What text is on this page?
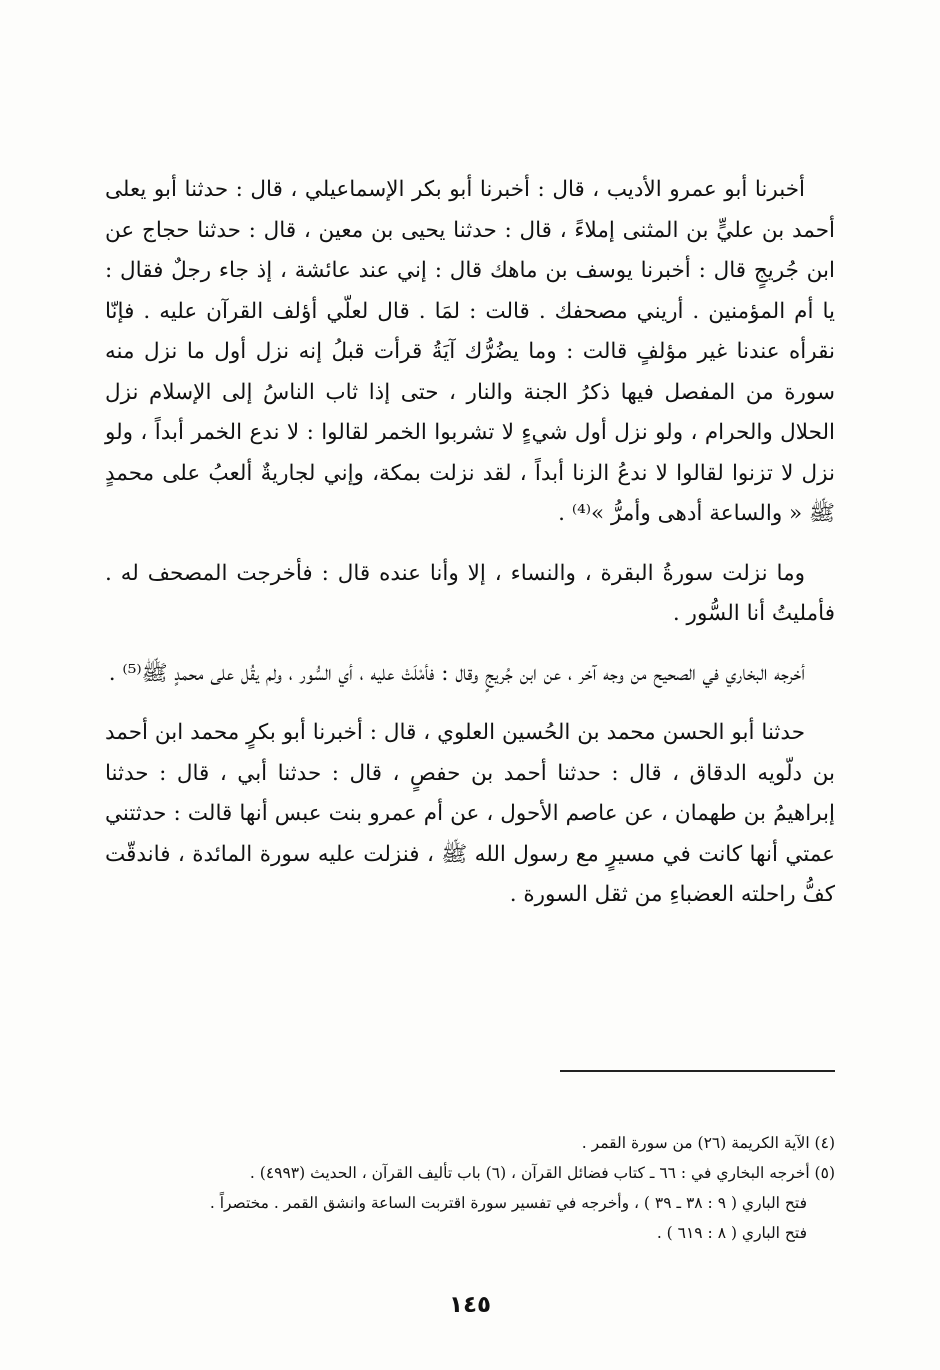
أخبرنا أبو عمرو الأديب ، قال : أخبرنا أبو بكر الإسماعيلي ، قال : حدثنا أبو يعلى أحمد بن عليٍّ بن المثنى إملاءً ، قال : حدثنا يحيى بن معين ، قال : حدثنا حجاج عن ابن جُريجٍ قال : أخبرنا يوسف بن ماهك قال : إني عند عائشة ، إذ جاء رجلٌ فقال : يا أم المؤمنين . أريني مصحفك . قالت : لمَا . قال لعلّي أؤلف القرآن عليه . فإنّا نقرأه عندنا غير مؤلفٍ قالت : وما يضُرُّك آيَةُ قرأت قبلُ إنه نزل أول ما نزل منه سورة من المفصل فيها ذكرُ الجنة والنار ، حتى إذا ثاب الناسُ إلى الإسلام نزل الحلال والحرام ، ولو نزل أول شيءٍ لا تشربوا الخمر لقالوا : لا ندع الخمر أبداً ، ولو نزل لا تزنوا لقالوا لا ندعُ الزنا أبداً ، لقد نزلت بمكة، وإني لجاريةٌ ألعبُ على محمدٍ ﷺ « والساعة أدهى وأمرُّ »⁽⁴⁾ .

وما نزلت سورةُ البقرة ، والنساء ، إلا وأنا عنده قال : فأخرجت المصحف له . فأمليتُ أنا السُّور .

أخرجه البخاري في الصحيح من وجه آخر ، عن ابن جُريجٍ وقال : فأمْلَتْ عليه ، أي السُّور ، ولم يقُل على محمدٍ ﷺ⁽⁵⁾ .

حدثنا أبو الحسن محمد بن الحُسين العلوي ، قال : أخبرنا أبو بكرٍ محمد ابن أحمد بن دلّويه الدقاق ، قال : حدثنا أحمد بن حفصٍ ، قال : حدثنا أبي ، قال : حدثنا إبراهيمُ بن طهمان ، عن عاصم الأحول ، عن أم عمرو بنت عبس أنها قالت : حدثتني عمتي أنها كانت في مسيرٍ مع رسول الله ﷺ ، فنزلت عليه سورة المائدة ، فاندقّت كفُّ راحلته العضباءِ من ثقل السورة .

(٤) الآية الكريمة (٢٦) من سورة القمر .

(٥) أخرجه البخاري في : ٦٦ ـ كتاب فضائل القرآن ، (٦) باب تأليف القرآن ، الحديث (٤٩٩٣) .

فتح الباري ( ٩ : ٣٨ ـ ٣٩ ) ، وأخرجه في تفسير سورة اقتربت الساعة وانشق القمر . مختصراً .

فتح الباري ( ٨ : ٦١٩ ) .

١٤٥
